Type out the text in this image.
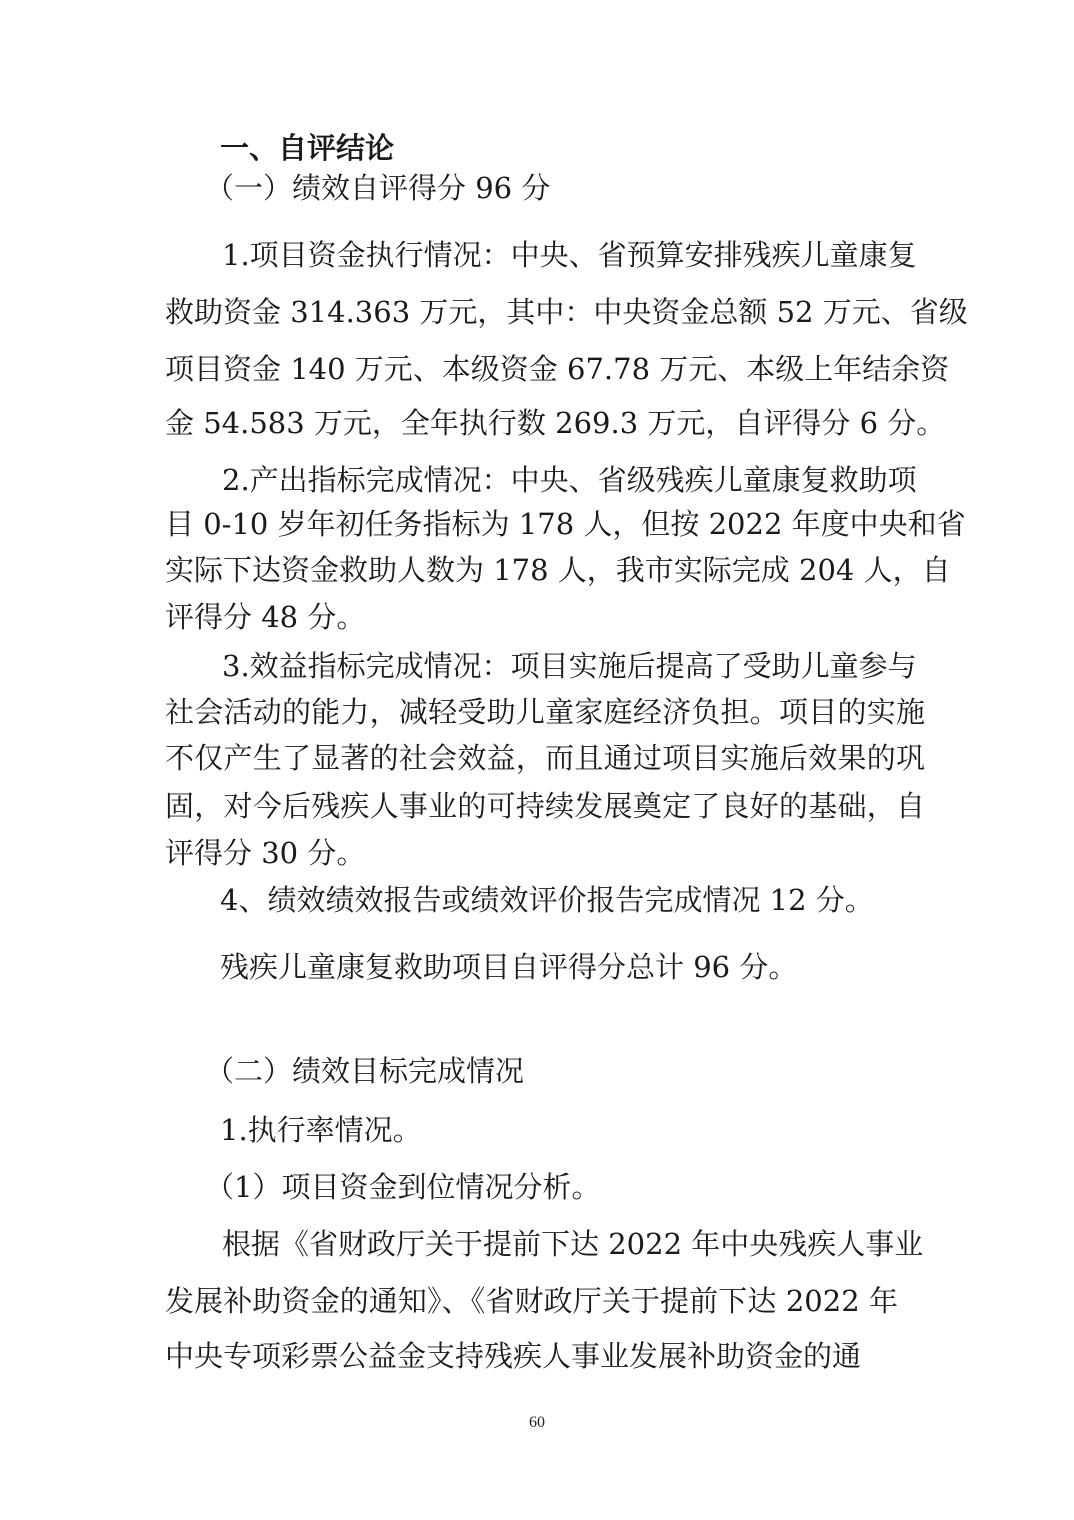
一、自评结论
（一）绩效自评得分 96 分
1.项目资金执行情况：中央、省预算安排残疾儿童康复
救助资金 314.363 万元，其中：中央资金总额 52 万元、省级
项目资金 140 万元、本级资金 67.78 万元、本级上年结余资
金 54.583 万元，全年执行数 269.3 万元，自评得分 6 分。
2.产出指标完成情况：中央、省级残疾儿童康复救助项
目 0-10 岁年初任务指标为 178 人，但按 2022 年度中央和省
实际下达资金救助人数为 178 人，我市实际完成 204 人，自
评得分 48 分。
3.效益指标完成情况：项目实施后提高了受助儿童参与
社会活动的能力，减轻受助儿童家庭经济负担。项目的实施
不仅产生了显著的社会效益，而且通过项目实施后效果的巩
固，对今后残疾人事业的可持续发展奠定了良好的基础，自
评得分 30 分。
4、绩效绩效报告或绩效评价报告完成情况 12 分。
残疾儿童康复救助项目自评得分总计 96 分。
（二）绩效目标完成情况
1.执行率情况。
（1）项目资金到位情况分析。
根据《省财政厅关于提前下达 2022 年中央残疾人事业
发展补助资金的通知》、《省财政厅关于提前下达 2022 年
中央专项彩票公益金支持残疾人事业发展补助资金的通
60
